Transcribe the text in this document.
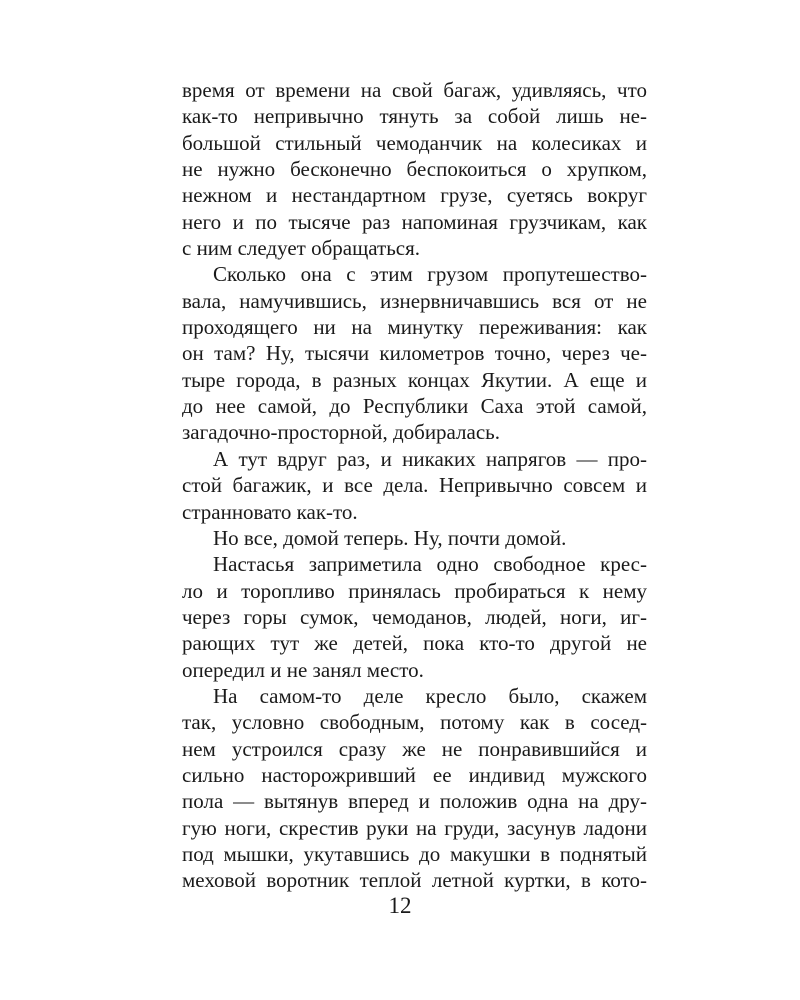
время от времени на свой багаж, удивляясь, что
как-то непривычно тянуть за собой лишь не-
большой стильный чемоданчик на колесиках и
не нужно бесконечно беспокоиться о хрупком,
нежном и нестандартном грузе, суетясь вокруг
него и по тысяче раз напоминая грузчикам, как
с ним следует обращаться.
Сколько она с этим грузом пропутешество-
вала, намучившись, изнервничавшись вся от не
проходящего ни на минутку переживания: как
он там? Ну, тысячи километров точно, через че-
тыре города, в разных концах Якутии. А еще и
до нее самой, до Республики Саха этой самой,
загадочно-просторной, добиралась.
А тут вдруг раз, и никаких напрягов — про-
стой багажик, и все дела. Непривычно совсем и
странновато как-то.
Но все, домой теперь. Ну, почти домой.
Настасья заприметила одно свободное крес-
ло и торопливо принялась пробираться к нему
через горы сумок, чемоданов, людей, ноги, иг-
рающих тут же детей, пока кто-то другой не
опередил и не занял место.
На самом-то деле кресло было, скажем
так, условно свободным, потому как в сосед-
нем устроился сразу же не понравившийся и
сильно насторожривший ее индивид мужского
пола — вытянув вперед и положив одна на дру-
гую ноги, скрестив руки на груди, засунув ладони
под мышки, укутавшись до макушки в поднятый
меховой воротник теплой летной куртки, в кото-
12
